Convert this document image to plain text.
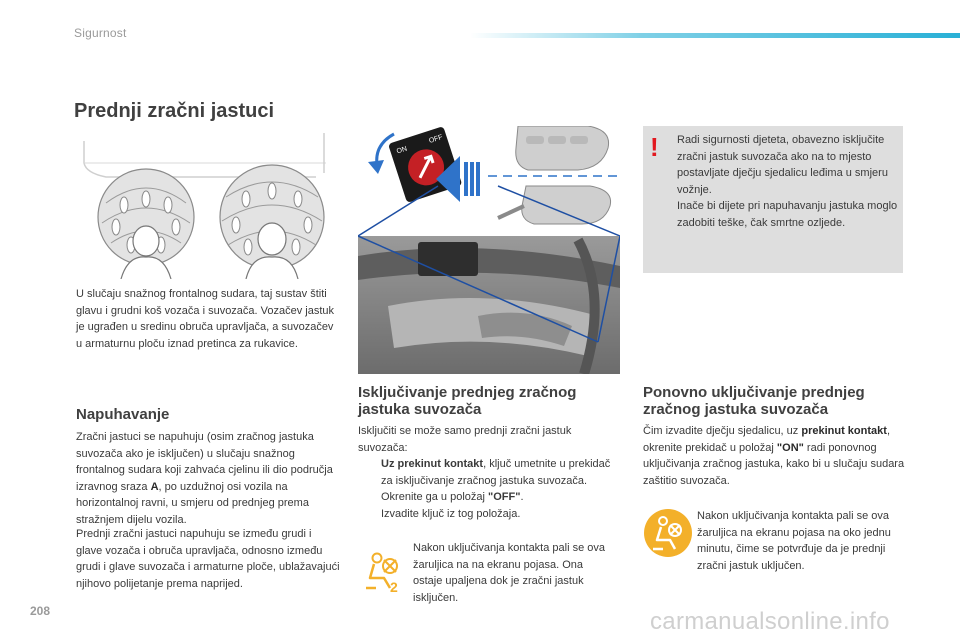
Sigurnost
Prednji zračni jastuci

U slučaju snažnog frontalnog sudara, taj sustav štiti glavu i grudni koš vozača i suvozača. Vozačev jastuk je ugrađen u sredinu obruča upravljača, a suvozačev u armaturnu ploču iznad pretinca za rukavice.

Napuhavanje

Zračni jastuci se napuhuju (osim zračnog jastuka suvozača ako je isključen) u slučaju snažnog frontalnog sudara koji zahvaća cjelinu ili dio područja izravnog sraza A, po uzdužnoj osi vozila na horizontalnoj ravni, u smjeru od prednjeg prema stražnjem dijelu vozila.

Prednji zračni jastuci napuhuju se između grudi i glave vozača i obruča upravljača, odnosno između grudi i glave suvozača i armaturne ploče, ublažavajući njihovo polijetanje prema naprijed.

ON
OFF
Isključivanje prednjeg zračnog jastuka suvozača

Isključiti se može samo prednji zračni jastuk suvozača:

Uz prekinut kontakt, ključ umetnite u prekidač za isključivanje zračnog jastuka suvozača.
Okrenite ga u položaj "OFF".
Izvadite ključ iz tog položaja.
2

Nakon uključivanja kontakta pali se ova žaruljica na na ekranu pojasa. Ona ostaje upaljena dok je zračni jastuk isključen.

!	Radi sigurnosti djeteta, obavezno isključite zračni jastuk suvozača ako na to mjesto postavljate dječju sjedalicu leđima u smjeru vožnje.
Inače bi dijete pri napuhavanju jastuka moglo zadobiti teške, čak smrtne ozljede.
Ponovno uključivanje prednjeg zračnog jastuka suvozača

Čim izvadite dječju sjedalicu, uz prekinut kontakt, okrenite prekidač u položaj "ON" radi ponovnog uključivanja zračnog jastuka, kako bi u slučaju sudara zaštitio suvozača.

Nakon uključivanja kontakta pali se ova žaruljica na ekranu pojasa na oko jednu minutu, čime se potvrđuje da je prednji zračni jastuk uključen.

208	carmanualsonline.info
